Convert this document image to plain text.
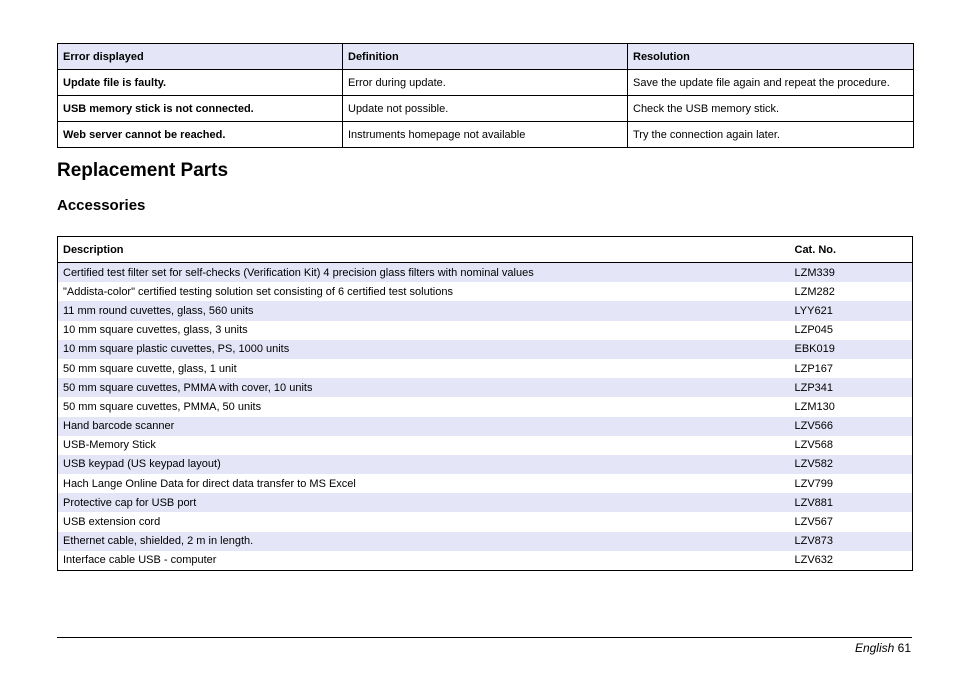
Error displayed	Definition	Resolution
Update file is faulty.	Error during update.	Save the update file again and repeat the procedure.
USB memory stick is not connected.	Update not possible.	Check the USB memory stick.
Web server cannot be reached.	Instruments homepage not available	Try the connection again later.
Replacement Parts
Accessories
Description	Cat. No.
Certified test filter set for self-checks (Verification Kit) 4 precision glass filters with nominal values	LZM339
"Addista-color" certified testing solution set consisting of 6 certified test solutions	LZM282
11 mm round cuvettes, glass, 560 units	LYY621
10 mm square cuvettes, glass, 3 units	LZP045
10 mm square plastic cuvettes, PS, 1000 units	EBK019
50 mm square cuvette, glass, 1 unit	LZP167
50 mm square cuvettes, PMMA with cover, 10 units	LZP341
50 mm square cuvettes, PMMA, 50 units	LZM130
Hand barcode scanner	LZV566
USB-Memory Stick	LZV568
USB keypad (US keypad layout)	LZV582
Hach Lange Online Data for direct data transfer to MS Excel	LZV799
Protective cap for USB port	LZV881
USB extension cord	LZV567
Ethernet cable, shielded, 2 m in length.	LZV873
Interface cable USB - computer	LZV632
English 61
